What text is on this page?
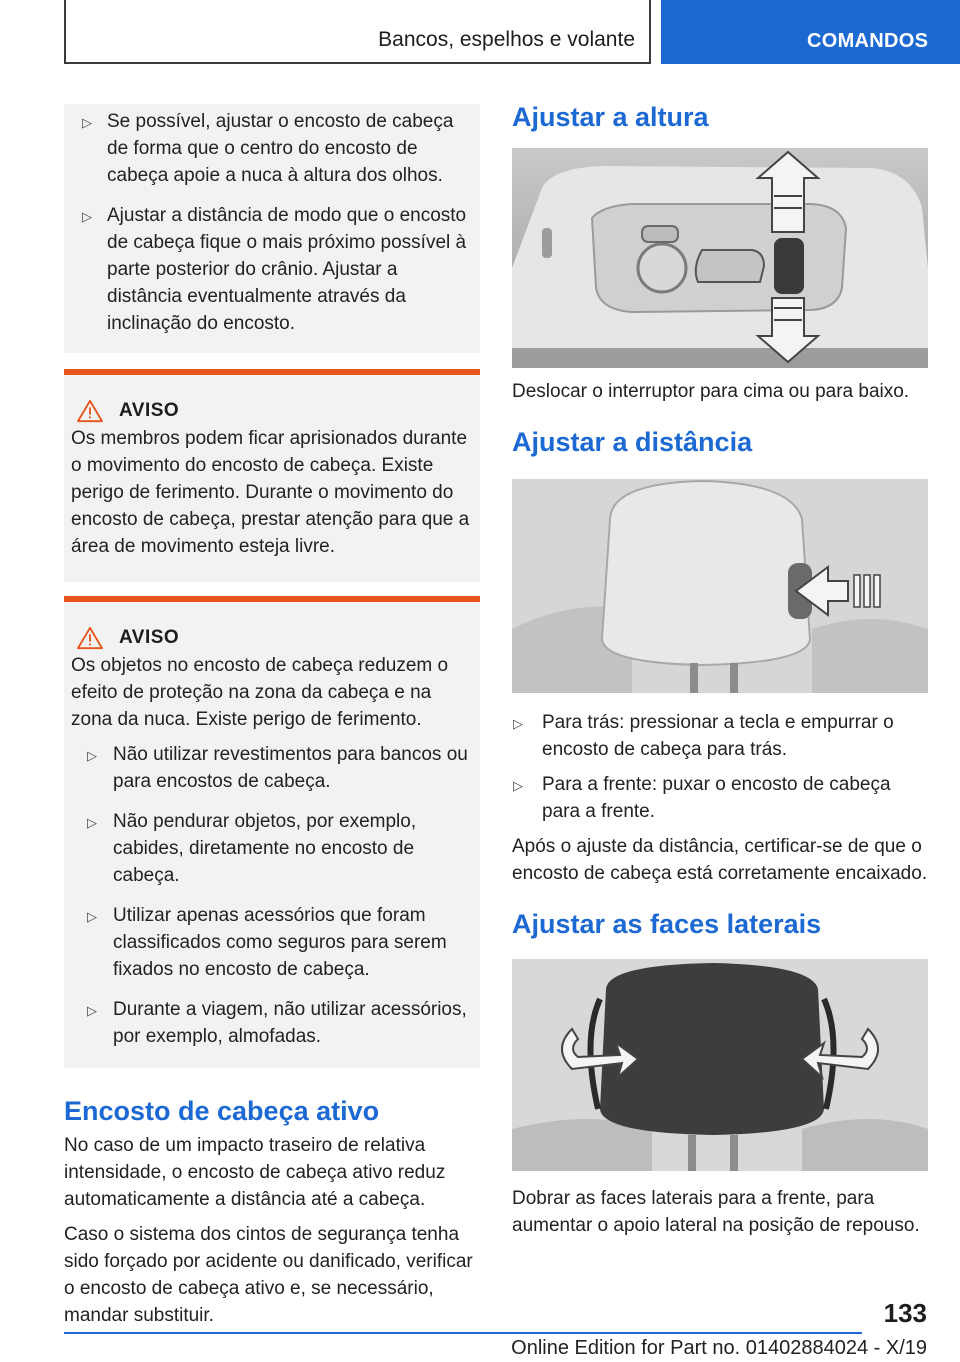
Bancos, espelhos e volante	COMANDOS
▷ Se possível, ajustar o encosto de cabeça de forma que o centro do encosto de cabeça apoie a nuca à altura dos olhos.
▷ Ajustar a distância de modo que o encosto de cabeça fique o mais próximo possível à parte posterior do crânio. Ajustar a distância eventualmente através da inclinação do encosto.
AVISO

Os membros podem ficar aprisionados durante o movimento do encosto de cabeça. Existe perigo de ferimento. Durante o movimento do encosto de cabeça, prestar atenção para que a área de movimento esteja livre.

AVISO

Os objetos no encosto de cabeça reduzem o efeito de proteção na zona da cabeça e na zona da nuca. Existe perigo de ferimento.

▷ Não utilizar revestimentos para bancos ou para encostos de cabeça.
▷ Não pendurar objetos, por exemplo, cabides, diretamente no encosto de cabeça.
▷ Utilizar apenas acessórios que foram classificados como seguros para serem fixados no encosto de cabeça.
▷ Durante a viagem, não utilizar acessórios, por exemplo, almofadas.
Encosto de cabeça ativo

No caso de um impacto traseiro de relativa intensidade, o encosto de cabeça ativo reduz automaticamente a distância até a cabeça.

Caso o sistema dos cintos de segurança tenha sido forçado por acidente ou danificado, verificar o encosto de cabeça ativo e, se necessário, mandar substituir.

Ajustar a altura

Deslocar o interruptor para cima ou para baixo.

Ajustar a distância
▷ Para trás: pressionar a tecla e empurrar o encosto de cabeça para trás.
▷ Para a frente: puxar o encosto de cabeça para a frente.

Após o ajuste da distância, certificar-se de que o encosto de cabeça está corretamente encaixado.

Ajustar as faces laterais

Dobrar as faces laterais para a frente, para aumentar o apoio lateral na posição de repouso.

133
Online Edition for Part no. 01402884024 - X/19
